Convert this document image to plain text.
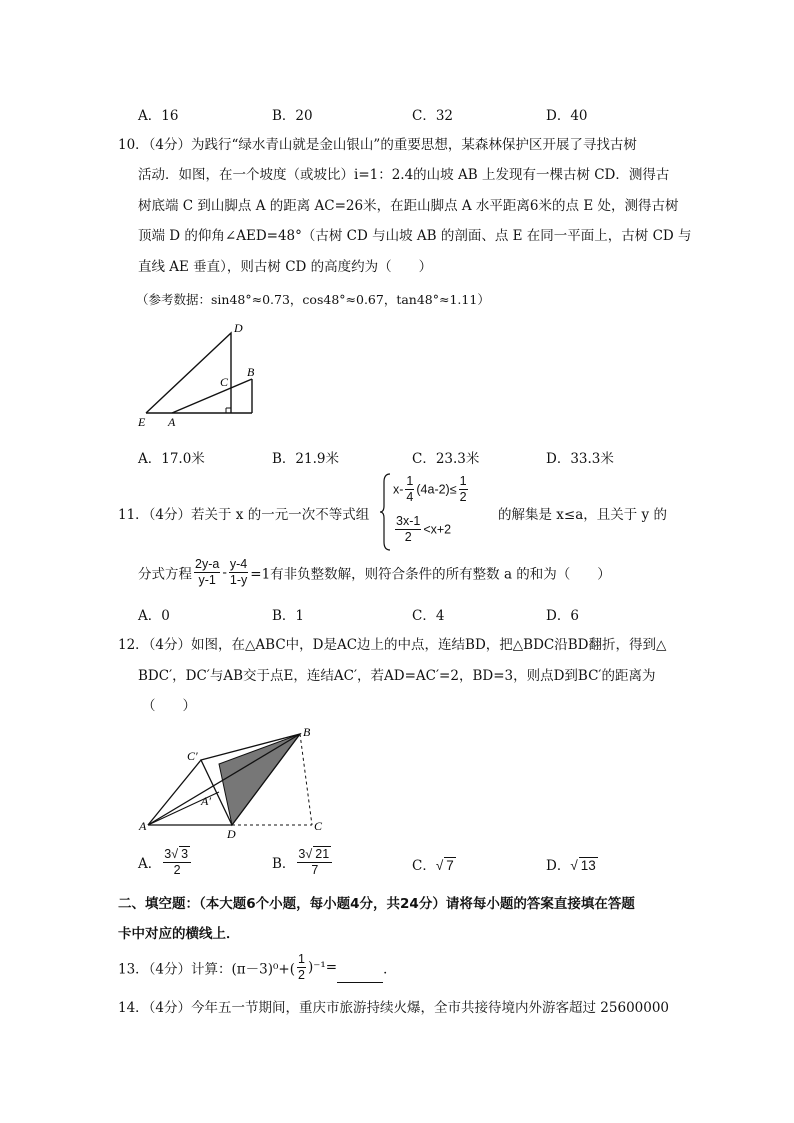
A．16	B．20	C．32	D．40
10．（4分）为践行“绿水青山就是金山银山”的重要思想，某森林保护区开展了寻找古树
活动．如图，在一个坡度（或坡比）i=1：2.4的山坡 AB 上发现有一棵古树 CD．测得古
树底端 C 到山脚点 A 的距离 AC=26米，在距山脚点 A 水平距离6米的点 E 处，测得古树
顶端 D 的仰角∠AED=48°（古树 CD 与山坡 AB 的剖面、点 E 在同一平面上，古树 CD 与
直线 AE 垂直），则古树 CD 的高度约为（　　）
（参考数据：sin48°≈0.73，cos48°≈0.67，tan48°≈1.11）
D
C
B
E A
A．17.0米	B．21.9米	C．23.3米	D．33.3米
11．（4分）若关于 x 的一元一次不等式组
$x- \frac{1}{4} (4a-2)\le \frac{1}{2}$
$\frac{3x-1}{2} <x+2$
的解集是 x≤a，且关于 y 的
分式方程 $\frac{2y-a}{y-1} - \frac{y-4}{1-y} =1$有非负整数解，则符合条件的所有整数 a 的和为（　　）
A．0	B．1	C．4	D．6
12．（4分）如图，在△ABC中，D是AC边上的中点，连结BD，把△BDC沿BD翻折，得到△
BDC′，DC′与AB交于点E，连结AC′，若AD=AC′=2，BD=3，则点D到BC′的距离为
（　　）
B
C′
A′
A
D
C
A． $\frac{3√ 3}{2}$	B． $\frac{3√ 21}{7}$	C．√ 7	D．√ 13
二、填空题：（本大题6个小题，每小题4分，共24分）请将每小题的答案直接填在答题
卡中对应的横线上．
13．（4分）计算：$(\pi-3)^0+( \frac{1}{2} )^{-1}=$	．
14．（4分）今年五一节期间，重庆市旅游持续火爆，全市共接待境内外游客超过 25600000
